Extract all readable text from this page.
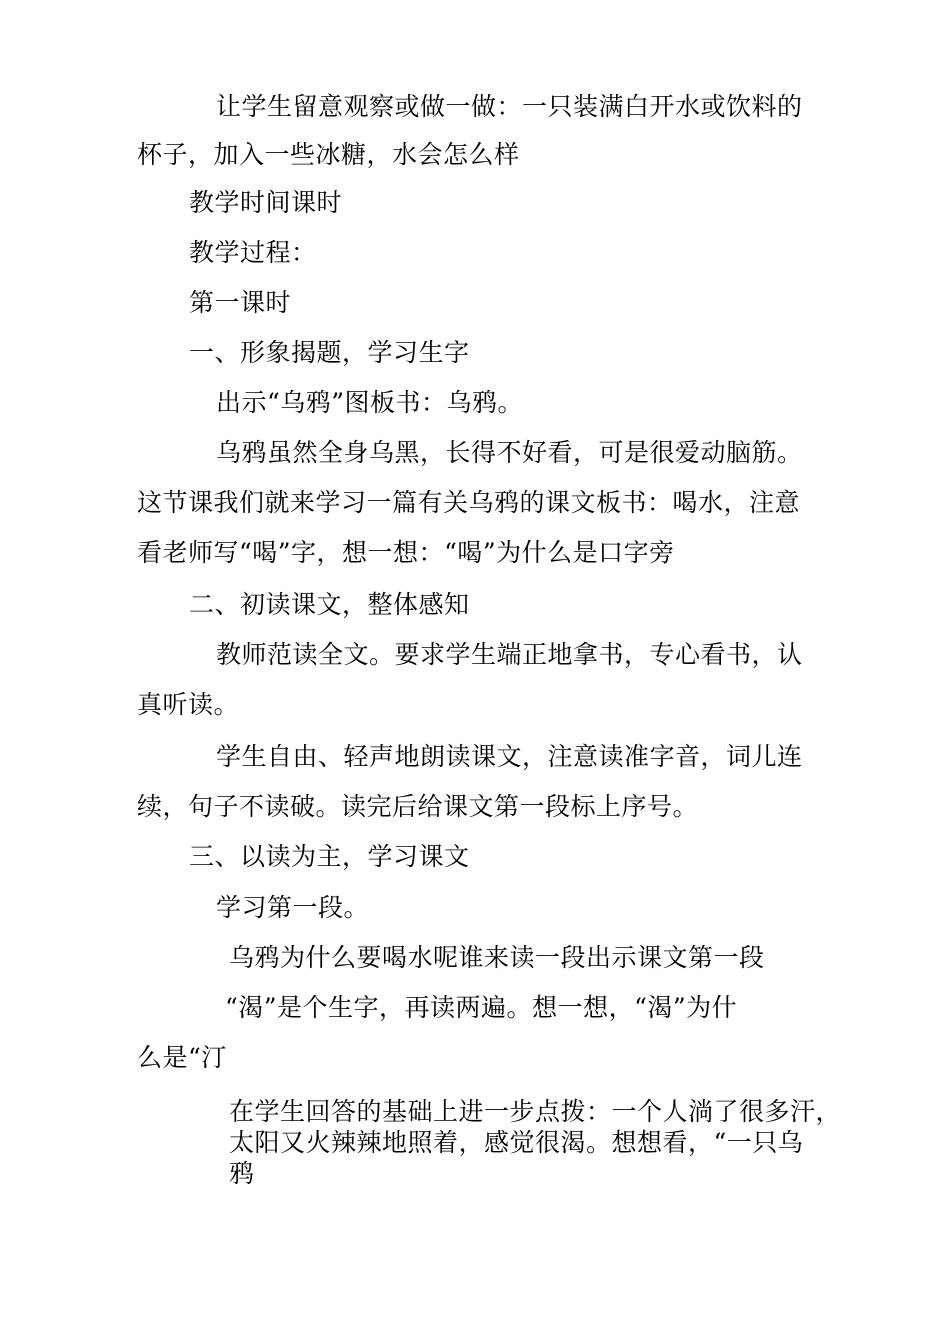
让学生留意观察或做一做：一只装满白开水或饮料的
杯子，加入一些冰糖，水会怎么样
教学时间课时
教学过程：
第一课时
一、形象揭题，学习生字
出示“乌鸦”图板书：乌鸦。
乌鸦虽然全身乌黑，长得不好看，可是很爱动脑筋。
这节课我们就来学习一篇有关乌鸦的课文板书：喝水，注意
看老师写“喝”字，想一想：“喝”为什么是口字旁
二、初读课文，整体感知
教师范读全文。要求学生端正地拿书，专心看书，认
真听读。
学生自由、轻声地朗读课文，注意读准字音，词儿连
续，句子不读破。读完后给课文第一段标上序号。
三、以读为主，学习课文
学习第一段。
乌鸦为什么要喝水呢谁来读一段出示课文第一段
“渴”是个生字，再读两遍。想一想，“渴”为什
么是“汀
在学生回答的基础上进一步点拨：一个人淌了很多汗，
太阳又火辣辣地照着，感觉很渴。想想看，“一只乌
鸦
